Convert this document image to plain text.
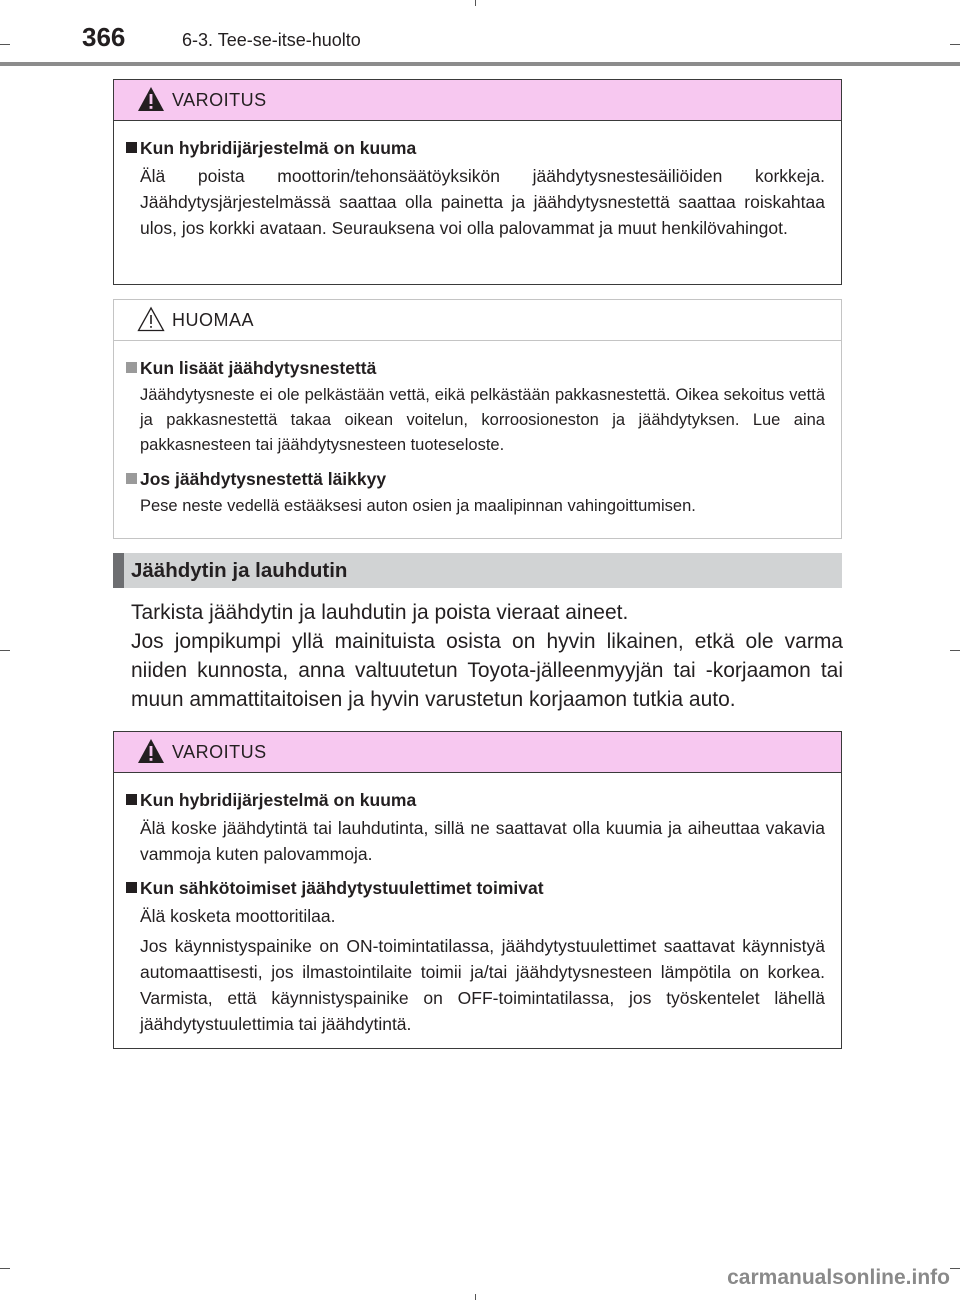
366	6-3. Tee-se-itse-huolto
VAROITUS
Kun hybridijärjestelmä on kuuma
Älä poista moottorin/tehonsäätöyksikön jäähdytysnestesäiliöiden korkkeja. Jäähdytysjärjestelmässä saattaa olla painetta ja jäähdytysnestettä saattaa roiskahtaa ulos, jos korkki avataan. Seurauksena voi olla palovammat ja muut henkilövahingot.
HUOMAA
Kun lisäät jäähdytysnestettä
Jäähdytysneste ei ole pelkästään vettä, eikä pelkästään pakkasnestettä. Oikea sekoitus vettä ja pakkasnestettä takaa oikean voitelun, korroosioneston ja jäähdytyksen. Lue aina pakkasnesteen tai jäähdytysnesteen tuoteseloste.
Jos jäähdytysnestettä läikkyy
Pese neste vedellä estääksesi auton osien ja maalipinnan vahingoittumisen.
Jäähdytin ja lauhdutin
Tarkista jäähdytin ja lauhdutin ja poista vieraat aineet.
Jos jompikumpi yllä mainituista osista on hyvin likainen, etkä ole varma niiden kunnosta, anna valtuutetun Toyota-jälleenmyyjän tai -korjaamon tai muun ammattitaitoisen ja hyvin varustetun korjaamon tutkia auto.
VAROITUS
Kun hybridijärjestelmä on kuuma
Älä koske jäähdytintä tai lauhdutinta, sillä ne saattavat olla kuumia ja aiheuttaa vakavia vammoja kuten palovammoja.
Kun sähkötoimiset jäähdytystuulettimet toimivat
Älä kosketa moottoritilaa.
Jos käynnistyspainike on ON-toimintatilassa, jäähdytystuulettimet saattavat käynnistyä automaattisesti, jos ilmastointilaite toimii ja/tai jäähdytysnesteen lämpötila on korkea. Varmista, että käynnistyspainike on OFF-toimintatilassa, jos työskentelet lähellä jäähdytystuulettimia tai jäähdytintä.
carmanualsonline.info
